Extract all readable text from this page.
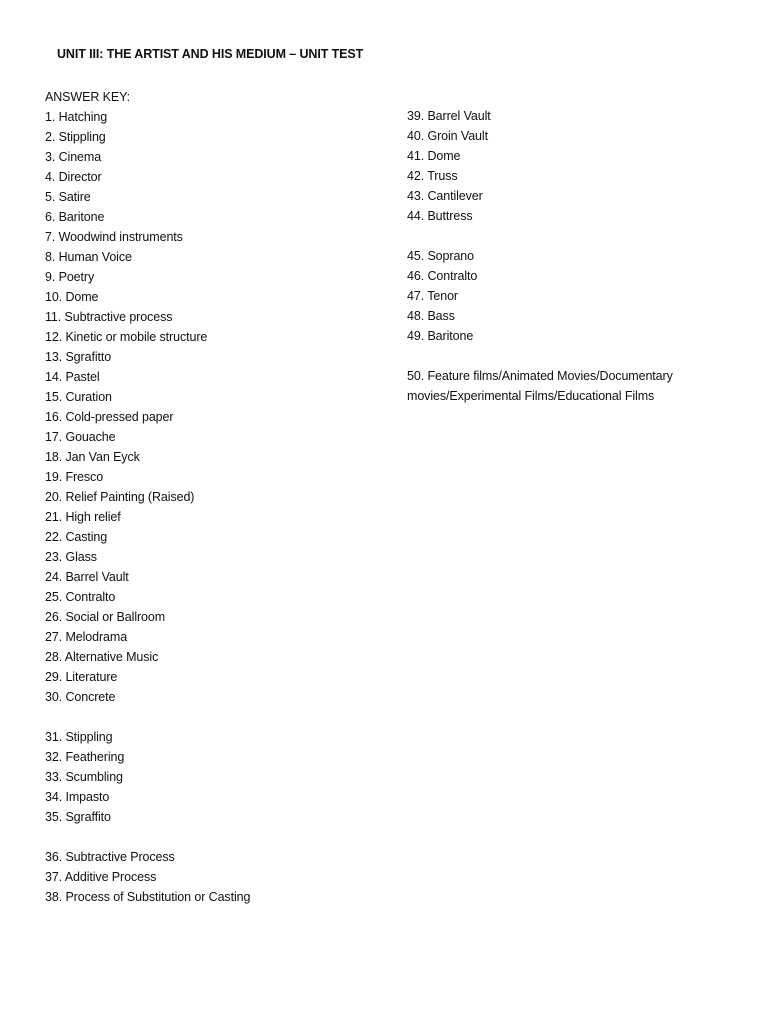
UNIT III: THE ARTIST AND HIS MEDIUM – UNIT TEST
ANSWER KEY:
1. Hatching
2. Stippling
3. Cinema
4. Director
5. Satire
6. Baritone
7. Woodwind instruments
8. Human Voice
9. Poetry
10. Dome
11. Subtractive process
12. Kinetic or mobile structure
13. Sgrafitto
14. Pastel
15. Curation
16. Cold-pressed paper
17. Gouache
18. Jan Van Eyck
19. Fresco
20. Relief Painting (Raised)
21. High relief
22. Casting
23. Glass
24. Barrel Vault
25. Contralto
26. Social or Ballroom
27. Melodrama
28. Alternative Music
29. Literature
30. Concrete
31. Stippling
32. Feathering
33. Scumbling
34. Impasto
35. Sgraffito
36. Subtractive Process
37. Additive Process
38. Process of Substitution or Casting
39. Barrel Vault
40. Groin Vault
41. Dome
42. Truss
43. Cantilever
44. Buttress
45. Soprano
46. Contralto
47. Tenor
48. Bass
49. Baritone
50. Feature films/Animated Movies/Documentary
movies/Experimental Films/Educational Films
